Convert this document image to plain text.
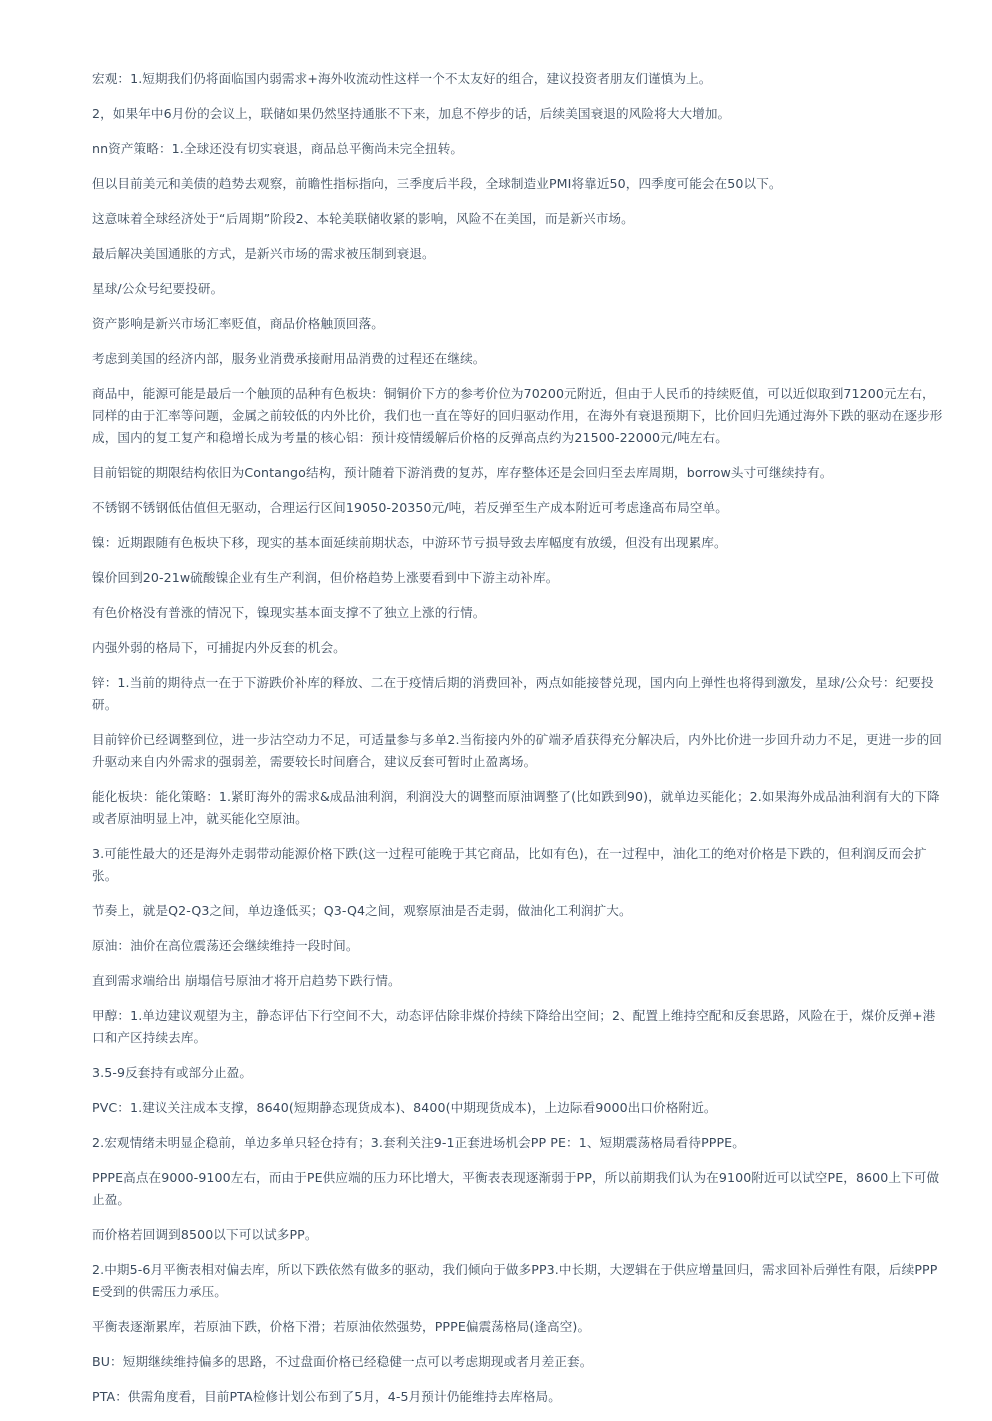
宏观：1.短期我们仍将面临国内弱需求+海外收流动性这样一个不太友好的组合，建议投资者朋友们谨慎为上。

2，如果年中6月份的会议上，联储如果仍然坚持通胀不下来，加息不停步的话，后续美国衰退的风险将大大增加。

nn资产策略：1.全球还没有切实衰退，商品总平衡尚未完全扭转。

但以目前美元和美债的趋势去观察，前瞻性指标指向，三季度后半段，全球制造业PMI将靠近50，四季度可能会在50以下。

这意味着全球经济处于“后周期”阶段2、本轮美联储收紧的影响，风险不在美国，而是新兴市场。

最后解决美国通胀的方式，是新兴市场的需求被压制到衰退。

星球/公众号纪要投研。

资产影响是新兴市场汇率贬值，商品价格触顶回落。

考虑到美国的经济内部，服务业消费承接耐用品消费的过程还在继续。

商品中，能源可能是最后一个触顶的品种有色板块：铜铜价下方的参考价位为70200元附近，但由于人民币的持续贬值，可以近似取到71200元左右，同样的由于汇率等问题，金属之前较低的内外比价，我们也一直在等好的回归驱动作用，在海外有衰退预期下，比价回归先通过海外下跌的驱动在逐步形成，国内的复工复产和稳增长成为考量的核心铝：预计疫情缓解后价格的反弹高点约为21500-22000元/吨左右。

目前铝锭的期限结构依旧为Contango结构，预计随着下游消费的复苏，库存整体还是会回归至去库周期，borrow头寸可继续持有。

不锈钢不锈钢低估值但无驱动，合理运行区间19050-20350元/吨，若反弹至生产成本附近可考虑逢高布局空单。

镍：近期跟随有色板块下移，现实的基本面延续前期状态，中游环节亏损导致去库幅度有放缓，但没有出现累库。

镍价回到20-21w硫酸镍企业有生产利润，但价格趋势上涨要看到中下游主动补库。

有色价格没有普涨的情况下，镍现实基本面支撑不了独立上涨的行情。

内强外弱的格局下，可捕捉内外反套的机会。

锌：1.当前的期待点一在于下游跌价补库的释放、二在于疫情后期的消费回补，两点如能接替兑现，国内向上弹性也将得到激发，星球/公众号：纪要投研。

目前锌价已经调整到位，进一步沽空动力不足，可适量参与多单2.当衔接内外的矿端矛盾获得充分解决后，内外比价进一步回升动力不足，更进一步的回升驱动来自内外需求的强弱差，需要较长时间磨合，建议反套可暂时止盈离场。

能化板块：能化策略：1.紧盯海外的需求&成品油利润，利润没大的调整而原油调整了(比如跌到90)，就单边买能化；2.如果海外成品油利润有大的下降或者原油明显上冲，就买能化空原油。

3.可能性最大的还是海外走弱带动能源价格下跌(这一过程可能晚于其它商品，比如有色)，在一过程中，油化工的绝对价格是下跌的，但利润反而会扩张。

节奏上，就是Q2-Q3之间，单边逢低买；Q3-Q4之间，观察原油是否走弱，做油化工利润扩大。

原油：油价在高位震荡还会继续维持一段时间。

直到需求端给出 崩塌信号原油才将开启趋势下跌行情。

甲醇：1.单边建议观望为主，静态评估下行空间不大，动态评估除非煤价持续下降给出空间；2、配置上维持空配和反套思路，风险在于，煤价反弹+港口和产区持续去库。

3.5-9反套持有或部分止盈。

PVC：1.建议关注成本支撑，8640(短期静态现货成本)、8400(中期现货成本)，上边际看9000出口价格附近。

2.宏观情绪未明显企稳前，单边多单只轻仓持有；3.套利关注9-1正套进场机会PP PE：1、短期震荡格局看待PPPE。

PPPE高点在9000-9100左右，而由于PE供应端的压力环比增大，平衡表表现逐渐弱于PP，所以前期我们认为在9100附近可以试空PE，8600上下可做止盈。

而价格若回调到8500以下可以试多PP。

2.中期5-6月平衡表相对偏去库，所以下跌依然有做多的驱动，我们倾向于做多PP3.中长期，大逻辑在于供应增量回归，需求回补后弹性有限，后续PPPE受到的供需压力承压。

平衡表逐渐累库，若原油下跌，价格下滑；若原油依然强势，PPPE偏震荡格局(逢高空)。

BU：短期继续维持偏多的思路，不过盘面价格已经稳健一点可以考虑期现或者月差正套。

PTA：供需角度看，目前PTA检修计划公布到了5月，4-5月预计仍能维持去库格局。
